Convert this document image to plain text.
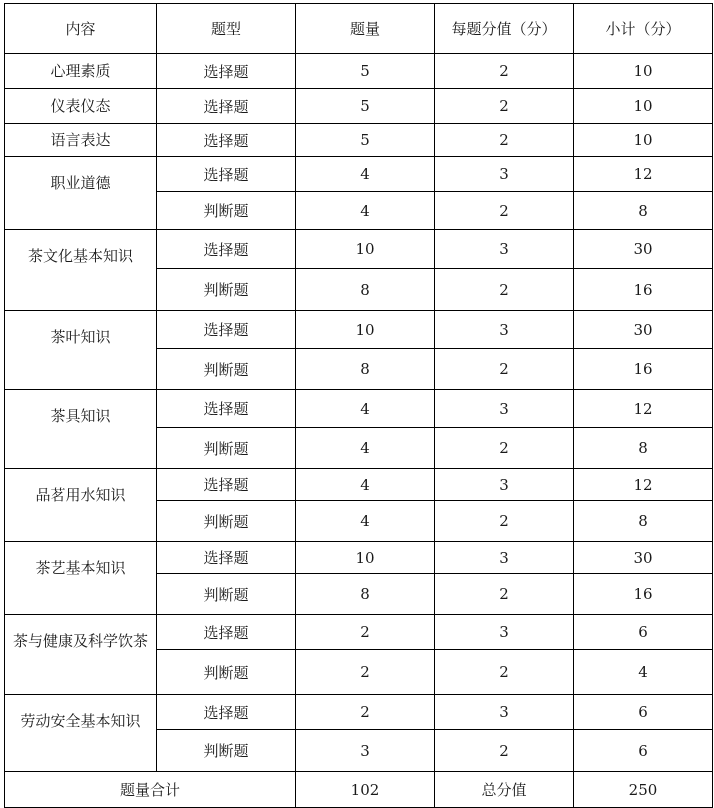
内容	题型	题量	每题分值（分）	小计（分）
心理素质	选择题	5	2	10
仪表仪态	选择题	5	2	10
语言表达	选择题	5	2	10
职业道德	选择题	4	3	12
	判断题	4	2	8
茶文化基本知识	选择题	10	3	30
	判断题	8	2	16
茶叶知识	选择题	10	3	30
	判断题	8	2	16
茶具知识	选择题	4	3	12
	判断题	4	2	8
品茗用水知识	选择题	4	3	12
	判断题	4	2	8
茶艺基本知识	选择题	10	3	30
	判断题	8	2	16
茶与健康及科学饮茶	选择题	2	3	6
	判断题	2	2	4
劳动安全基本知识	选择题	2	3	6
	判断题	3	2	6
题量合计		102	总分值	250
